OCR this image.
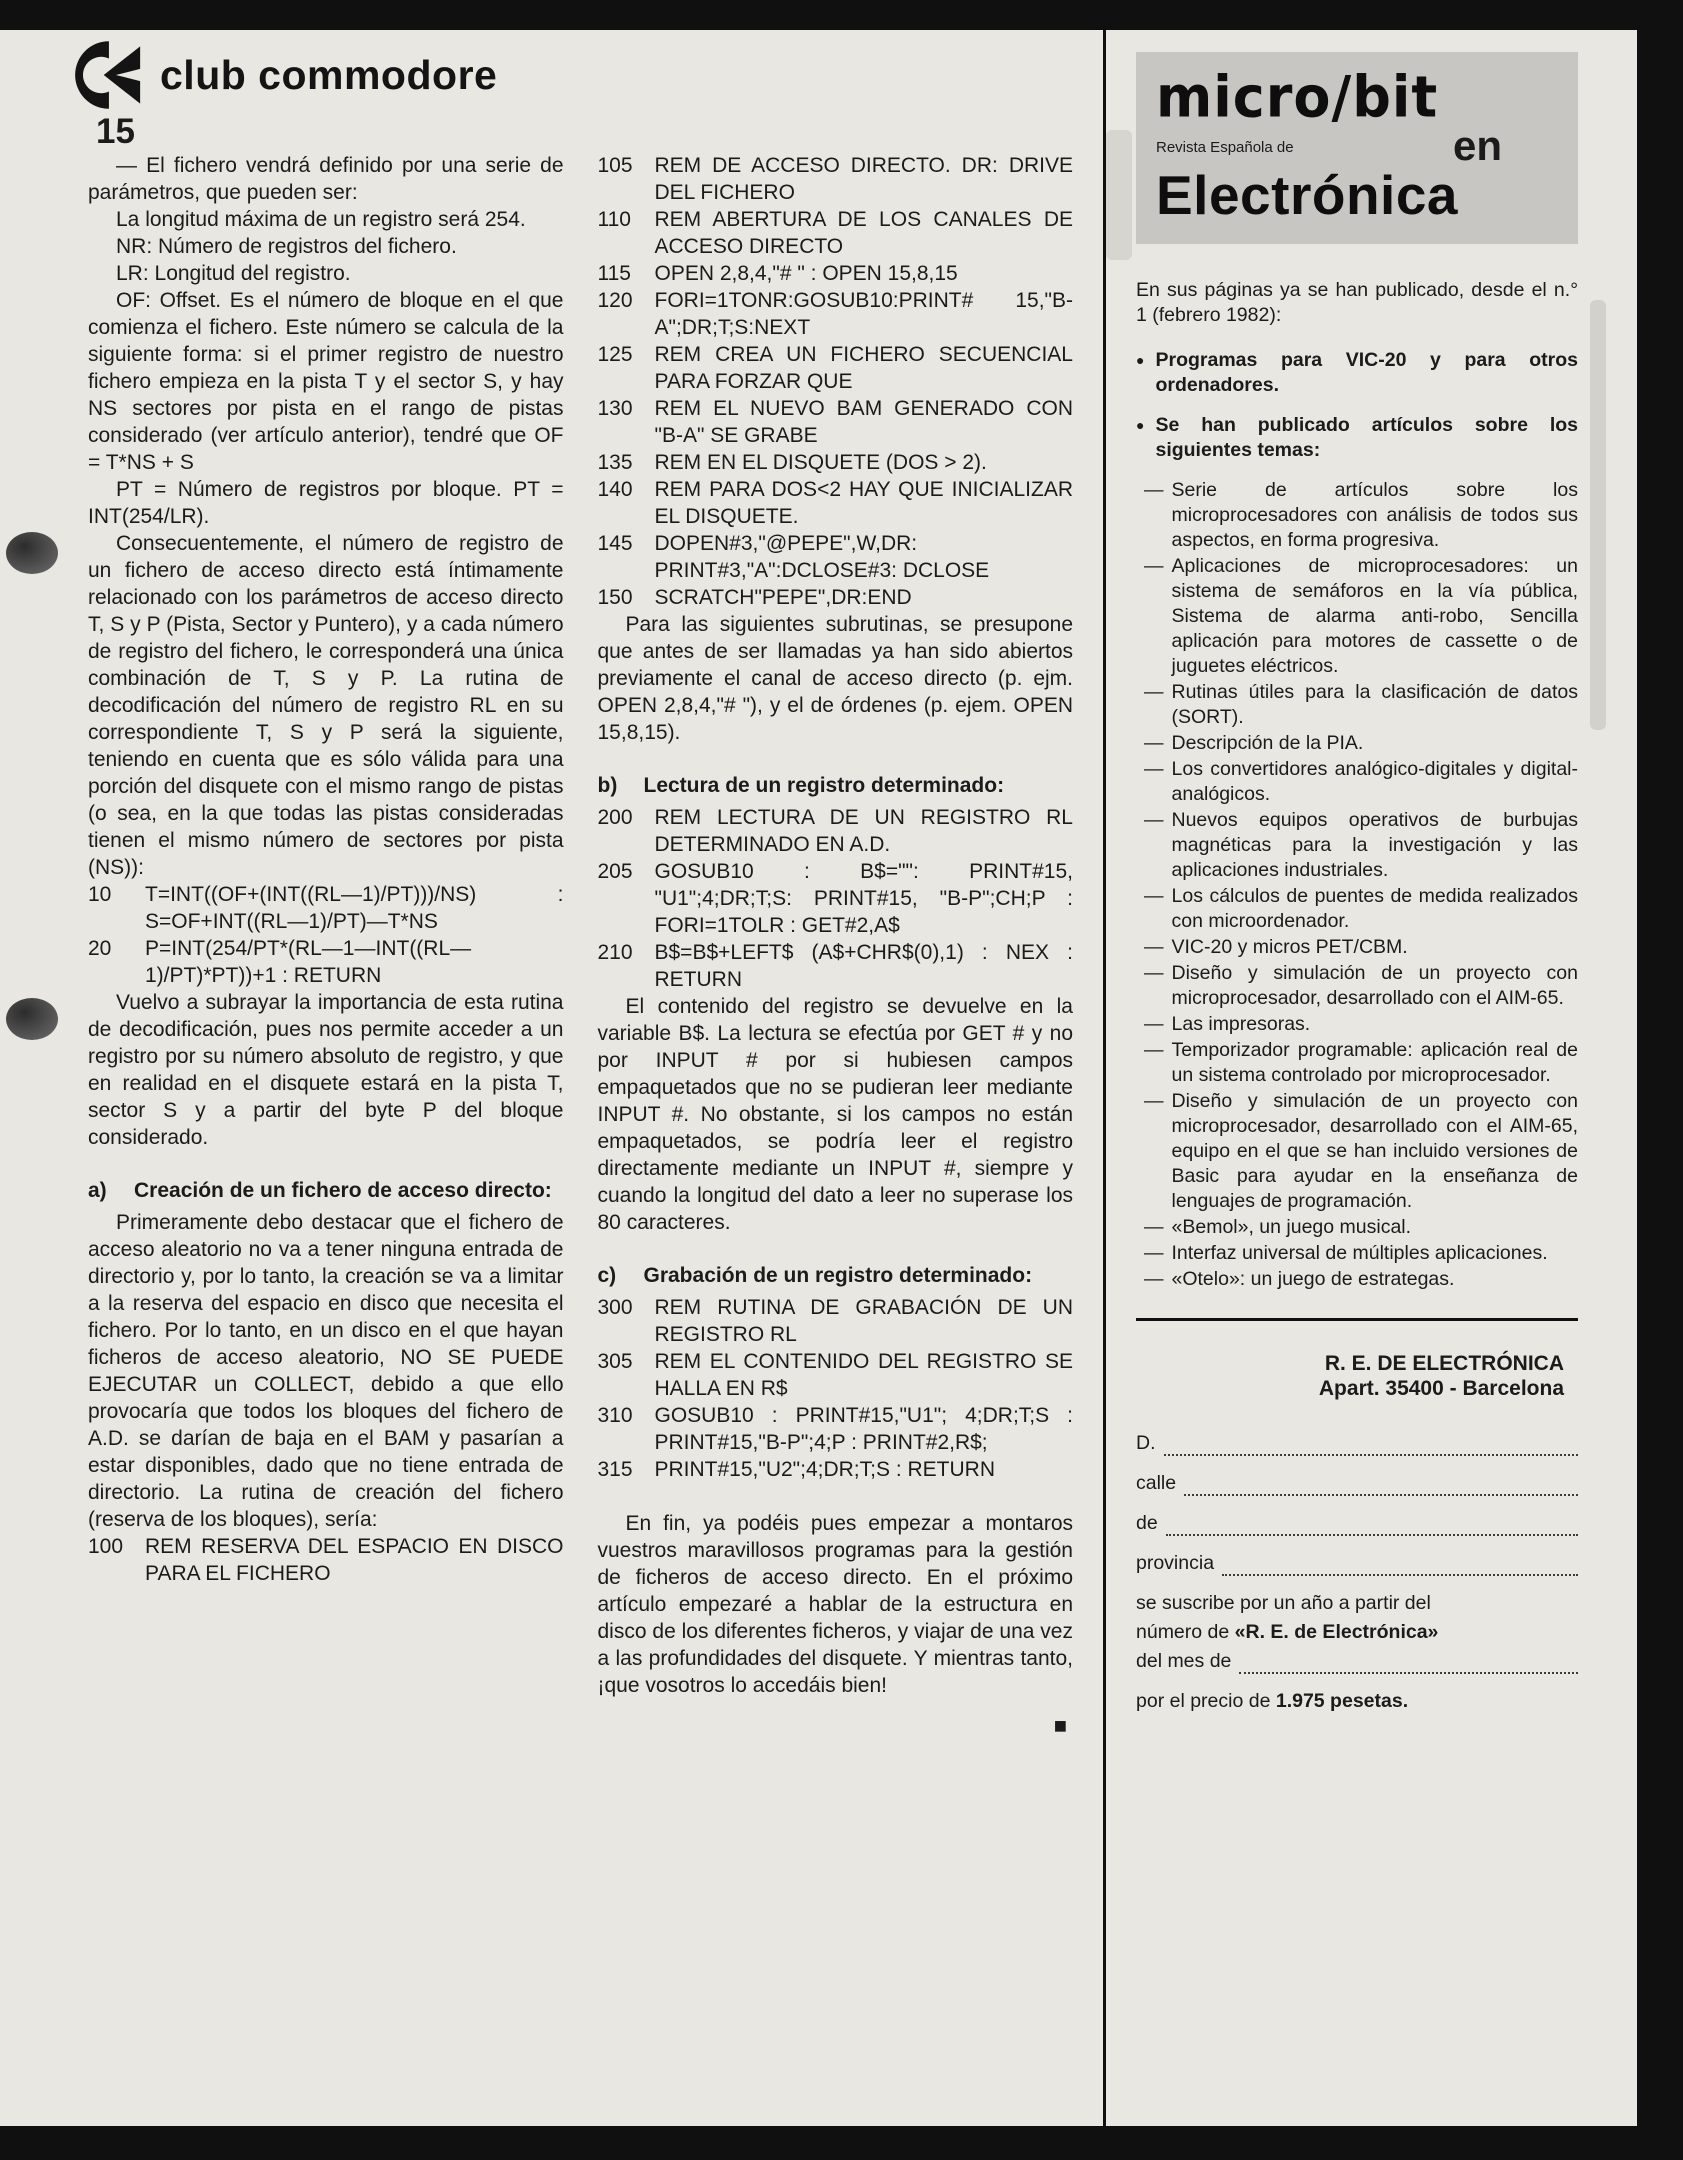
club commodore
15

— El fichero vendrá definido por una serie de parámetros, que pueden ser:

La longitud máxima de un registro será 254.

NR: Número de registros del fichero.

LR: Longitud del registro.

OF: Offset. Es el número de bloque en el que comienza el fichero. Este número se calcula de la siguiente forma: si el primer registro de nuestro fichero empieza en la pista T y el sector S, y hay NS sectores por pista en el rango de pistas considerado (ver artículo anterior), tendré que OF = T*NS + S

PT = Número de registros por bloque. PT = INT(254/LR).

Consecuentemente, el número de registro de un fichero de acceso directo está íntimamente relacionado con los parámetros de acceso directo T, S y P (Pista, Sector y Puntero), y a cada número de registro del fichero, le corresponderá una única combinación de T, S y P. La rutina de decodificación del número de registro RL en su correspondiente T, S y P será la siguiente, teniendo en cuenta que es sólo válida para una porción del disquete con el mismo rango de pistas (o sea, en la que todas las pistas consideradas tienen el mismo número de sectores por pista (NS)):

10 T=INT((OF+(INT((RL—1)/PT)))/NS) : S=OF+INT((RL—1)/PT)—T*NS

20 P=INT(254/PT*(RL—1—INT((RL—1)/PT)*PT))+1 : RETURN

Vuelvo a subrayar la importancia de esta rutina de decodificación, pues nos permite acceder a un registro por su número absoluto de registro, y que en realidad en el disquete estará en la pista T, sector S y a partir del byte P del bloque considerado.

a) Creación de un fichero de acceso directo:

Primeramente debo destacar que el fichero de acceso aleatorio no va a tener ninguna entrada de directorio y, por lo tanto, la creación se va a limitar a la reserva del espacio en disco que necesita el fichero. Por lo tanto, en un disco en el que hayan ficheros de acceso aleatorio, NO SE PUEDE EJECUTAR un COLLECT, debido a que ello provocaría que todos los bloques del fichero de A.D. se darían de baja en el BAM y pasarían a estar disponibles, dado que no tiene entrada de directorio. La rutina de creación del fichero (reserva de los bloques), sería:

100 REM RESERVA DEL ESPACIO EN DISCO PARA EL FICHERO

105 REM DE ACCESO DIRECTO. DR: DRIVE DEL FICHERO

110 REM ABERTURA DE LOS CANALES DE ACCESO DIRECTO

115 OPEN 2,8,4,"# " : OPEN 15,8,15

120 FORI=1TONR:GOSUB10:PRINT# 15,"B-A";DR;T;S:NEXT

125 REM CREA UN FICHERO SECUENCIAL PARA FORZAR QUE

130 REM EL NUEVO BAM GENERADO CON "B-A" SE GRABE

135 REM EN EL DISQUETE (DOS > 2).

140 REM PARA DOS<2 HAY QUE INICIALIZAR EL DISQUETE.

145 DOPEN#3,"@PEPE",W,DR: PRINT#3,"A":DCLOSE#3: DCLOSE

150 SCRATCH"PEPE",DR:END

Para las siguientes subrutinas, se presupone que antes de ser llamadas ya han sido abiertos previamente el canal de acceso directo (p. ejm. OPEN 2,8,4,"# "), y el de órdenes (p. ejem. OPEN 15,8,15).

b) Lectura de un registro determinado:

200 REM LECTURA DE UN REGISTRO RL DETERMINADO EN A.D.

205 GOSUB10 : B$="": PRINT#15, "U1";4;DR;T;S: PRINT#15, "B-P";CH;P : FORI=1TOLR : GET#2,A$

210 B$=B$+LEFT$ (A$+CHR$(0),1) : NEX : RETURN

El contenido del registro se devuelve en la variable B$. La lectura se efectúa por GET # y no por INPUT # por si hubiesen campos empaquetados que no se pudieran leer mediante INPUT #. No obstante, si los campos no están empaquetados, se podría leer el registro directamente mediante un INPUT #, siempre y cuando la longitud del dato a leer no superase los 80 caracteres.

c) Grabación de un registro determinado:

300 REM RUTINA DE GRABACIÓN DE UN REGISTRO RL

305 REM EL CONTENIDO DEL REGISTRO SE HALLA EN R$

310 GOSUB10 : PRINT#15,"U1"; 4;DR;T;S : PRINT#15,"B-P";4;P : PRINT#2,R$;

315 PRINT#15,"U2";4;DR;T;S : RETURN

En fin, ya podéis pues empezar a montaros vuestros maravillosos programas para la gestión de ficheros de acceso directo. En el próximo artículo empezaré a hablar de la estructura en disco de los diferentes ficheros, y viajar de una vez a las profundidades del disquete. Y mientras tanto, ¡que vosotros lo accedáis bien!

■
micro/bit
Revista Española de	en
Electrónica

En sus páginas ya se han publicado, desde el n.° 1 (febrero 1982):

● Programas para VIC-20 y para otros ordenadores.
● Se han publicado artículos sobre los siguientes temas:
— Serie de artículos sobre los microprocesadores con análisis de todos sus aspectos, en forma progresiva.
— Aplicaciones de microprocesadores: un sistema de semáforos en la vía pública, Sistema de alarma anti-robo, Sencilla aplicación para motores de cassette o de juguetes eléctricos.
— Rutinas útiles para la clasificación de datos (SORT).
— Descripción de la PIA.
— Los convertidores analógico-digitales y digital-analógicos.
— Nuevos equipos operativos de burbujas magnéticas para la investigación y las aplicaciones industriales.
— Los cálculos de puentes de medida realizados con microordenador.
— VIC-20 y micros PET/CBM.
— Diseño y simulación de un proyecto con microprocesador, desarrollado con el AIM-65.
— Las impresoras.
— Temporizador programable: aplicación real de un sistema controlado por microprocesador.
— Diseño y simulación de un proyecto con microprocesador, desarrollado con el AIM-65, equipo en el que se han incluido versiones de Basic para ayudar en la enseñanza de lenguajes de programación.
— «Bemol», un juego musical.
— Interfaz universal de múltiples aplicaciones.
— «Otelo»: un juego de estrategas.
R. E. DE ELECTRÓNICA
Apart. 35400 - Barcelona
D.
calle
de
provincia

se suscribe por un año a partir del

número de «R. E. de Electrónica»

del mes de

por el precio de 1.975 pesetas.
